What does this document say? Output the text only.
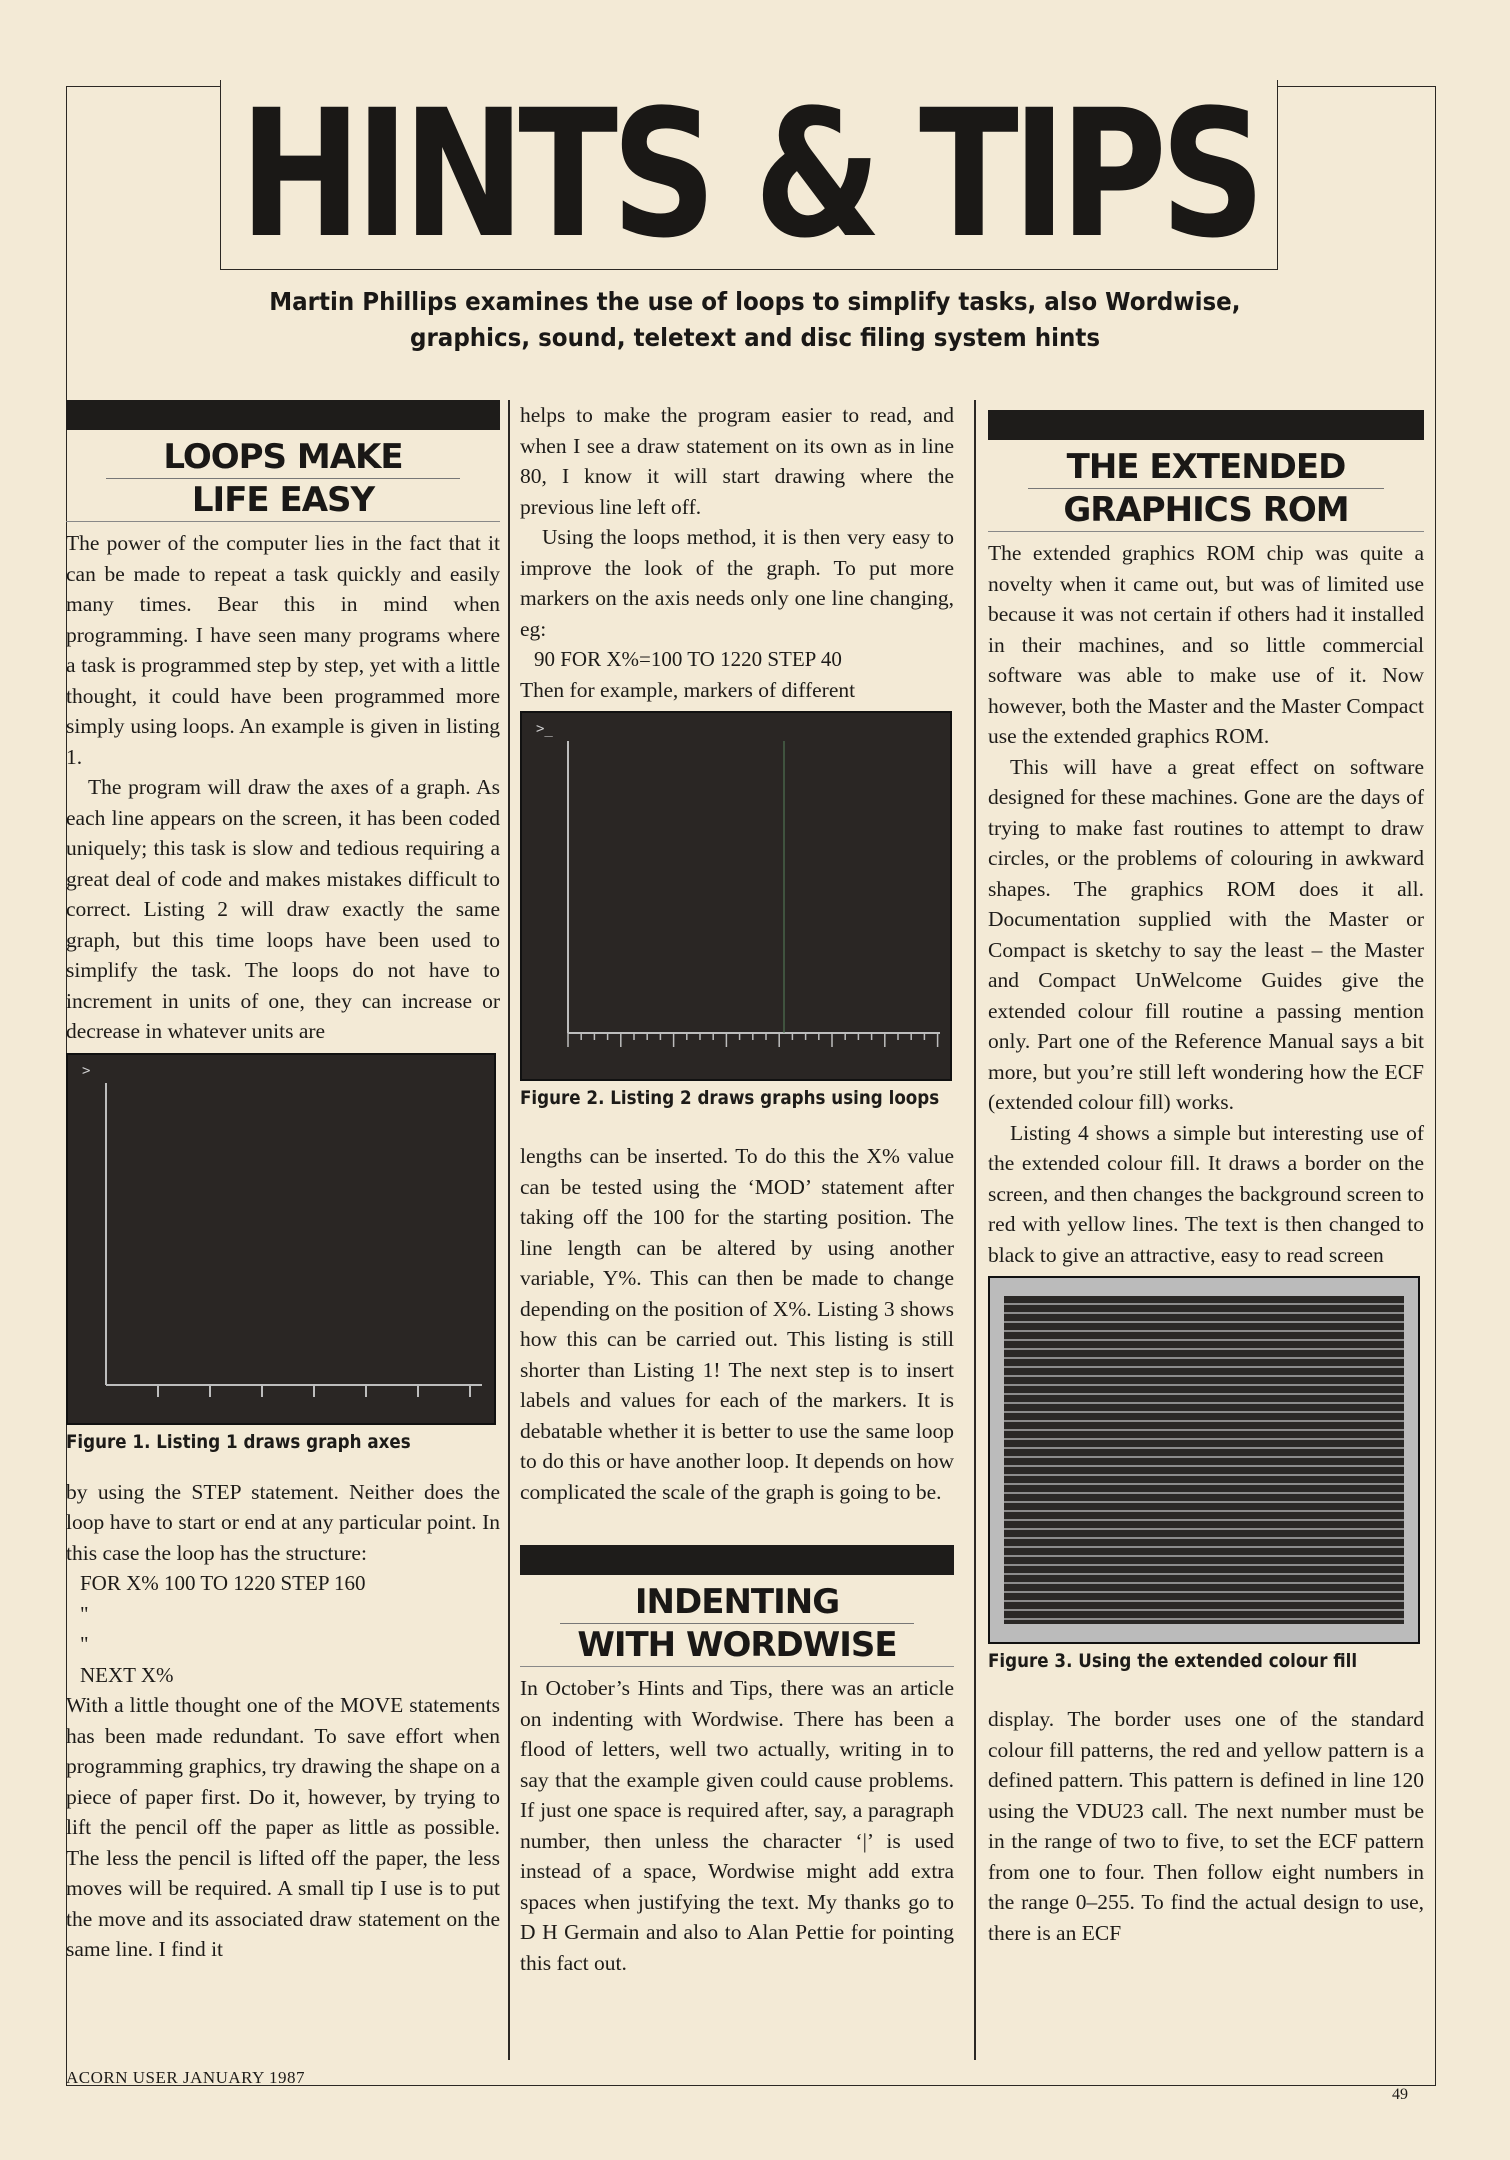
HINTS & TIPS
Martin Phillips examines the use of loops to simplify tasks, also Wordwise,
graphics, sound, teletext and disc filing system hints
LOOPS MAKE
LIFE EASY

The power of the computer lies in the fact that it can be made to repeat a task quickly and easily many times. Bear this in mind when programming. I have seen many programs where a task is programmed step by step, yet with a little thought, it could have been programmed more simply using loops. An example is given in listing 1.

The program will draw the axes of a graph. As each line appears on the screen, it has been coded uniquely; this task is slow and tedious requiring a great deal of code and makes mistakes difficult to correct. Listing 2 will draw exactly the same graph, but this time loops have been used to simplify the task. The loops do not have to increment in units of one, they can increase or decrease in whatever units are

>
Figure 1. Listing 1 draws graph axes

by using the STEP statement. Neither does the loop have to start or end at any particular point. In this case the loop has the structure:

FOR X% 100 TO 1220 STEP 160

"

"

NEXT X%

With a little thought one of the MOVE statements has been made redundant. To save effort when programming graphics, try drawing the shape on a piece of paper first. Do it, however, by trying to lift the pencil off the paper as little as possible. The less the pencil is lifted off the paper, the less moves will be required. A small tip I use is to put the move and its associated draw statement on the same line. I find it

helps to make the program easier to read, and when I see a draw statement on its own as in line 80, I know it will start drawing where the previous line left off.

Using the loops method, it is then very easy to improve the look of the graph. To put more markers on the axis needs only one line changing, eg:

90 FOR X%=100 TO 1220 STEP 40

Then for example, markers of different

>_
Figure 2. Listing 2 draws graphs using loops

lengths can be inserted. To do this the X% value can be tested using the ‘MOD’ statement after taking off the 100 for the starting position. The line length can be altered by using another variable, Y%. This can then be made to change depending on the position of X%. Listing 3 shows how this can be carried out. This listing is still shorter than Listing 1! The next step is to insert labels and values for each of the markers. It is debatable whether it is better to use the same loop to do this or have another loop. It depends on how complicated the scale of the graph is going to be.

INDENTING
WITH WORDWISE

In October’s Hints and Tips, there was an article on indenting with Wordwise. There has been a flood of letters, well two actually, writing in to say that the example given could cause problems. If just one space is required after, say, a paragraph number, then unless the character ‘|’ is used instead of a space, Wordwise might add extra spaces when justifying the text. My thanks go to D H Germain and also to Alan Pettie for pointing this fact out.

THE EXTENDED
GRAPHICS ROM

The extended graphics ROM chip was quite a novelty when it came out, but was of limited use because it was not certain if others had it installed in their machines, and so little commercial software was able to make use of it. Now however, both the Master and the Master Compact use the extended graphics ROM.

This will have a great effect on software designed for these machines. Gone are the days of trying to make fast routines to attempt to draw circles, or the problems of colouring in awkward shapes. The graphics ROM does it all. Documentation supplied with the Master or Compact is sketchy to say the least – the Master and Compact UnWelcome Guides give the extended colour fill routine a passing mention only. Part one of the Reference Manual says a bit more, but you’re still left wondering how the ECF (extended colour fill) works.

Listing 4 shows a simple but interesting use of the extended colour fill. It draws a border on the screen, and then changes the background screen to red with yellow lines. The text is then changed to black to give an attractive, easy to read screen

Figure 3. Using the extended colour fill

display. The border uses one of the standard colour fill patterns, the red and yellow pattern is a defined pattern. This pattern is defined in line 120 using the VDU23 call. The next number must be in the range of two to five, to set the ECF pattern from one to four. Then follow eight numbers in the range 0–255. To find the actual design to use, there is an ECF

ACORN USER JANUARY 1987
49
